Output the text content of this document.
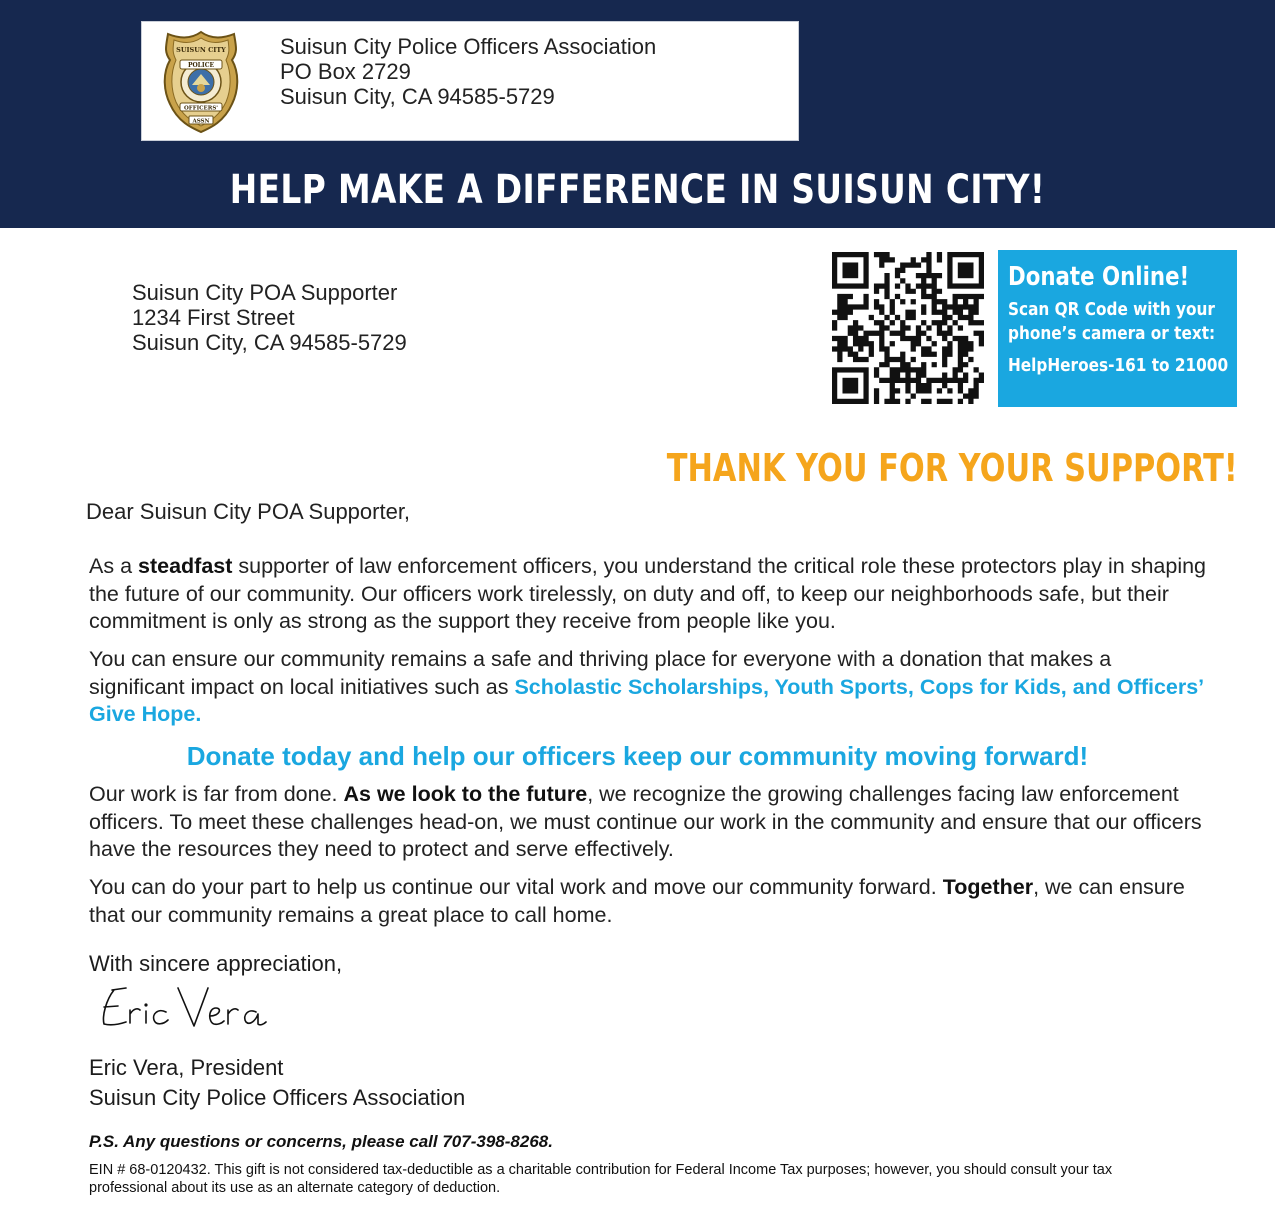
SUISUN CITY
POLICE
OFFICERS'
ASSN
Suisun City Police Officers Association
PO Box 2729
Suisun City, CA 94585-5729
HELP MAKE A DIFFERENCE IN SUISUN CITY!
Suisun City POA Supporter
1234 First Street
Suisun City, CA 94585-5729
Donate Online!
Scan QR Code with your
phone’s camera or text:
HelpHeroes-161 to 21000
THANK YOU FOR YOUR SUPPORT!
Dear Suisun City POA Supporter,
As a steadfast supporter of law enforcement officers, you understand the critical role these protectors play in shaping the future of our community. Our officers work tirelessly, on duty and off, to keep our neighborhoods safe, but their commitment is only as strong as the support they receive from people like you.
You can ensure our community remains a safe and thriving place for everyone with a donation that makes a significant impact on local initiatives such as Scholastic Scholarships, Youth Sports, Cops for Kids, and Officers’ Give Hope.
Donate today and help our officers keep our community moving forward!
Our work is far from done. As we look to the future, we recognize the growing challenges facing law enforcement officers. To meet these challenges head-on, we must continue our work in the community and ensure that our officers have the resources they need to protect and serve effectively.
You can do your part to help us continue our vital work and move our community forward. Together, we can ensure that our community remains a great place to call home.
With sincere appreciation,
Eric Vera, President
Suisun City Police Officers Association
P.S. Any questions or concerns, please call 707-398-8268.
EIN # 68-0120432. This gift is not considered tax-deductible as a charitable contribution for Federal Income Tax purposes; however, you should consult your tax professional about its use as an alternate category of deduction.
